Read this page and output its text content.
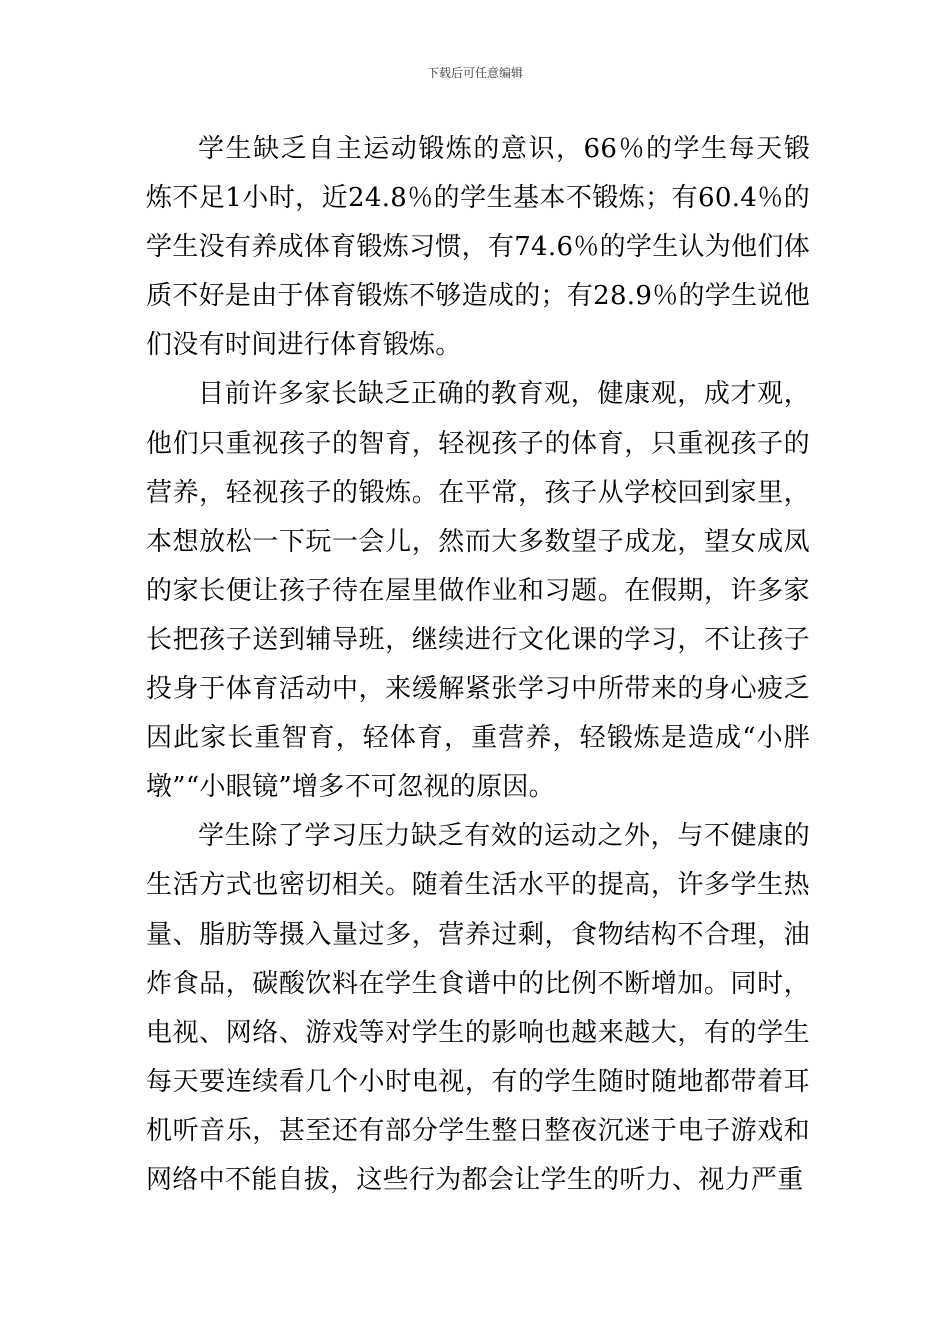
下载后可任意编辑

学生缺乏自主运动锻炼的意识，66％的学生每天锻炼不足1小时，近24.8％的学生基本不锻炼；有60.4％的学生没有养成体育锻炼习惯，有74.6％的学生认为他们体质不好是由于体育锻炼不够造成的；有28.9％的学生说他们没有时间进行体育锻炼。

目前许多家长缺乏正确的教育观，健康观，成才观，他们只重视孩子的智育，轻视孩子的体育，只重视孩子的营养，轻视孩子的锻炼。在平常，孩子从学校回到家里，本想放松一下玩一会儿，然而大多数望子成龙，望女成凤的家长便让孩子待在屋里做作业和习题。在假期，许多家长把孩子送到辅导班，继续进行文化课的学习，不让孩子投身于体育活动中，来缓解紧张学习中所带来的身心疲乏因此家长重智育，轻体育，重营养，轻锻炼是造成“小胖墩”“小眼镜”增多不可忽视的原因。

学生除了学习压力缺乏有效的运动之外，与不健康的生活方式也密切相关。随着生活水平的提高，许多学生热量、脂肪等摄入量过多，营养过剩，食物结构不合理，油炸食品，碳酸饮料在学生食谱中的比例不断增加。同时，电视、网络、游戏等对学生的影响也越来越大，有的学生每天要连续看几个小时电视，有的学生随时随地都带着耳机听音乐，甚至还有部分学生整日整夜沉迷于电子游戏和网络中不能自拔，这些行为都会让学生的听力、视力严重
